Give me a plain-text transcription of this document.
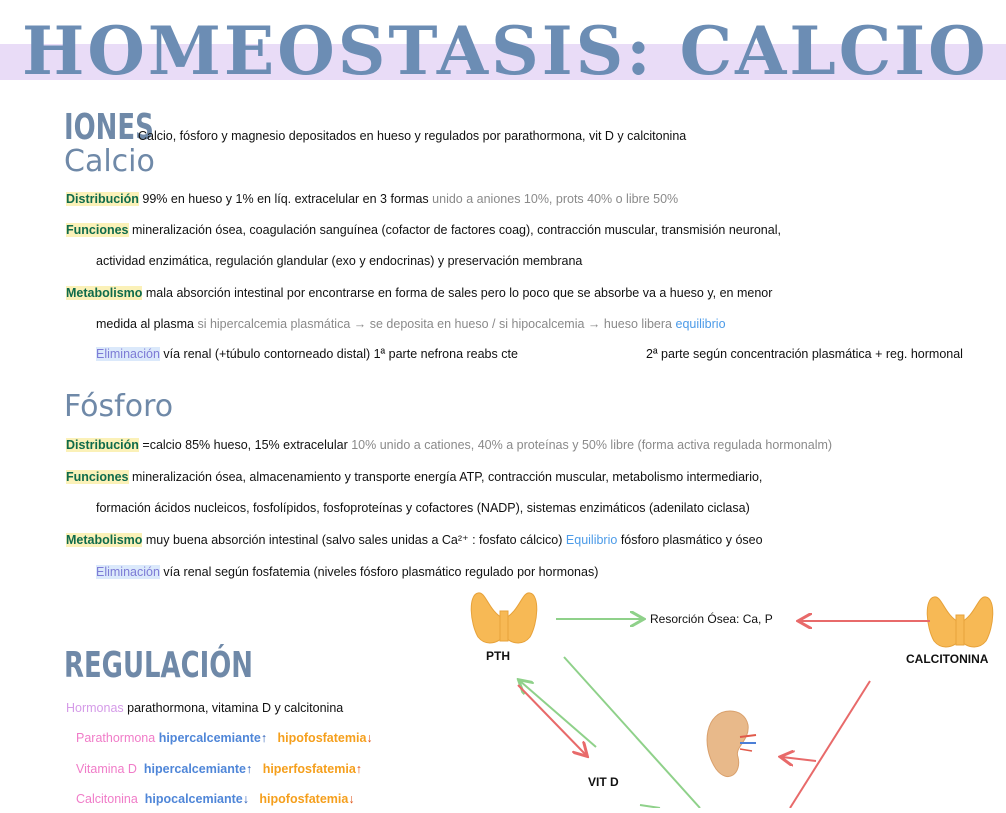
HOMEOSTASIS: CALCIO
IONES
Calcio, fósforo y magnesio depositados en hueso y regulados por parathormona, vit D y calcitonina
Calcio
Distribución 99% en hueso y 1% en líq. extracelular en 3 formas unido a aniones 10%, prots 40% o libre 50%
Funciones mineralización ósea, coagulación sanguínea (cofactor de factores coag), contracción muscular, transmisión neuronal,
actividad enzimática, regulación glandular (exo y endocrinas) y preservación membrana
Metabolismo mala absorción intestinal por encontrarse en forma de sales pero lo poco que se absorbe va a hueso y, en menor
medida al plasma si hipercalcemia plasmática → se deposita en hueso / si hipocalcemia → hueso libera equilibrio
Eliminación vía renal (+túbulo contorneado distal) 1ª parte nefrona reabs cte	2ª parte según concentración plasmática + reg. hormonal
Fósforo
Distribución =calcio 85% hueso, 15% extracelular 10% unido a cationes, 40% a proteínas y 50% libre (forma activa regulada hormonalm)
Funciones mineralización ósea, almacenamiento y transporte energía ATP, contracción muscular, metabolismo intermediario,
formación ácidos nucleicos, fosfolípidos, fosfoproteínas y cofactores (NADP), sistemas enzimáticos (adenilato ciclasa)
Metabolismo muy buena absorción intestinal (salvo sales unidas a Ca²⁺ : fosfato cálcico) Equilibrio fósforo plasmático y óseo
Eliminación vía renal según fosfatemia (niveles fósforo plasmático regulado por hormonas)
REGULACIÓN
Hormonas parathormona, vitamina D y calcitonina
Parathormona hipercalcemiante↑ hipofosfatemia↓
Vitamina D hipercalcemiante↑ hiperfosfatemia↑
Calcitonina hipocalcemiante↓ hipofosfatemia↓
PTH	CALCITONINA
Resorción Ósea: Ca, P
VIT D
